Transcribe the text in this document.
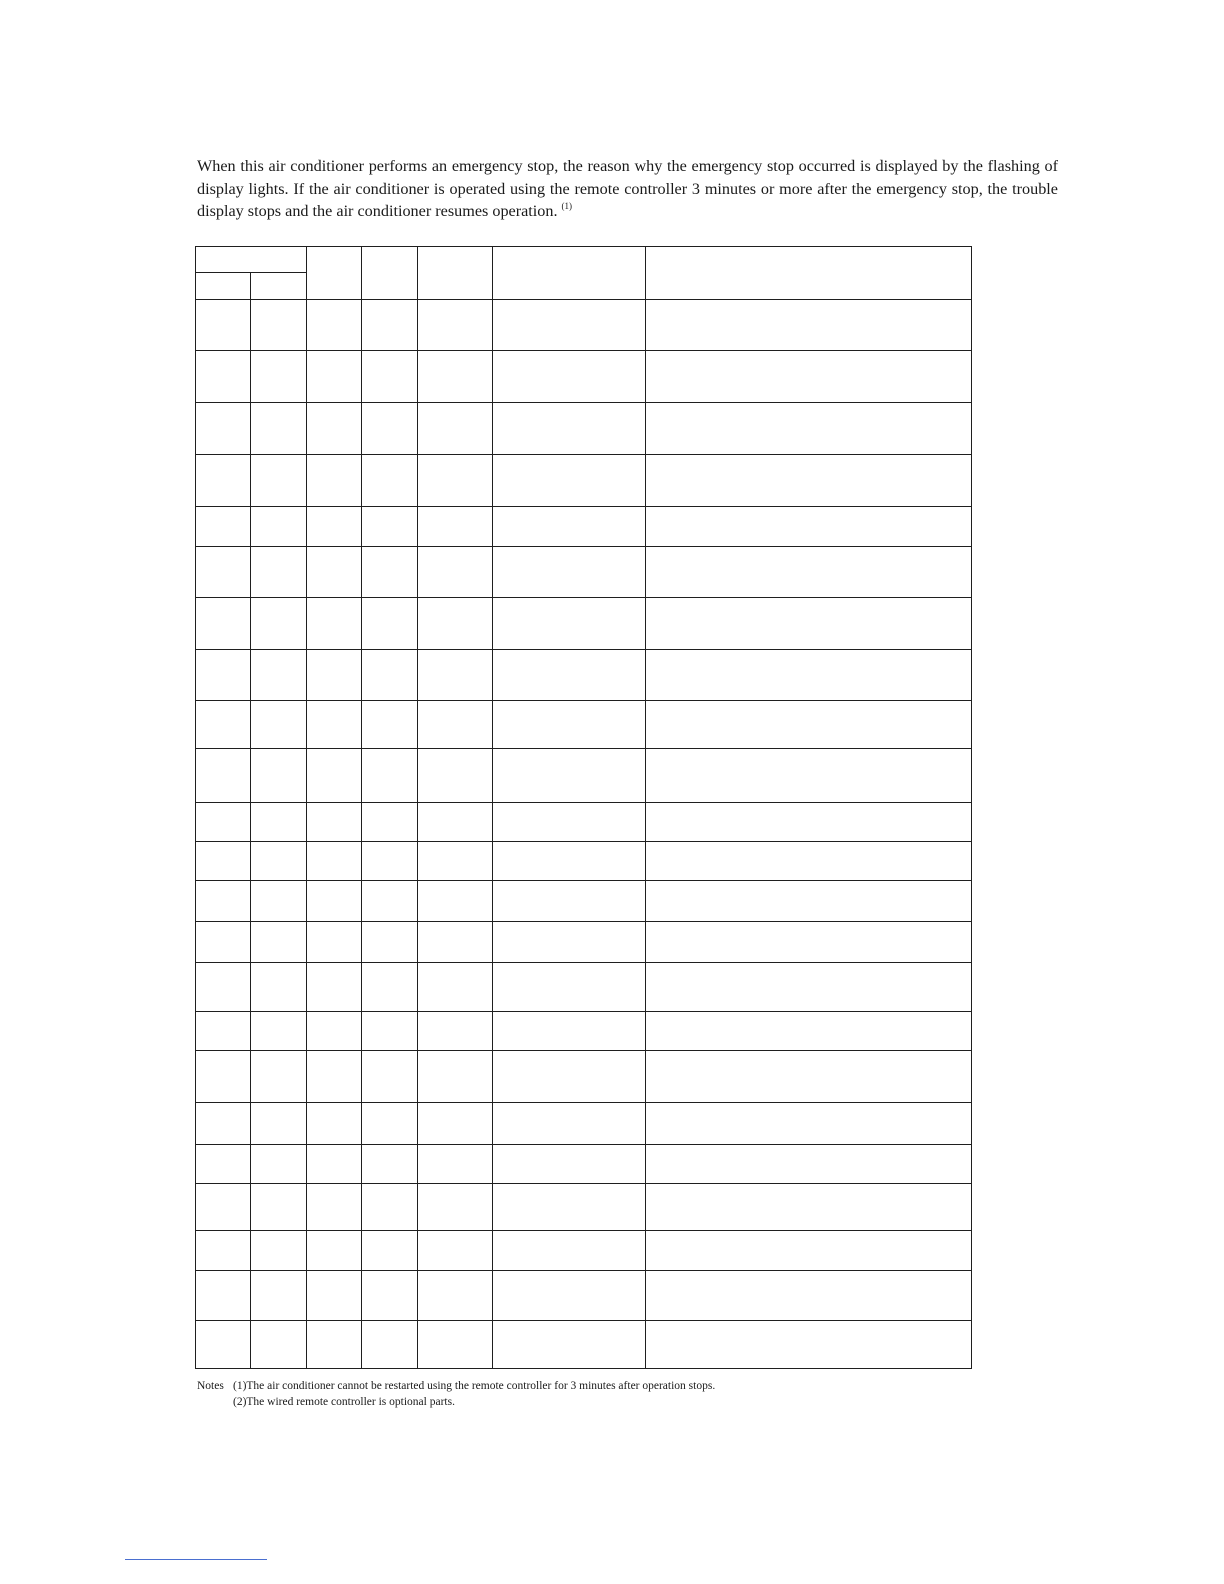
When this air conditioner performs an emergency stop, the reason why the emergency stop occurred is displayed by the flashing of display lights. If the air conditioner is operated using the remote controller 3 minutes or more after the emergency stop, the trouble display stops and the air conditioner resumes operation. $^{(1)}$

Notes (1)The air conditioner cannot be restarted using the remote controller for 3 minutes after operation stops.
(2)The wired remote controller is optional parts.
